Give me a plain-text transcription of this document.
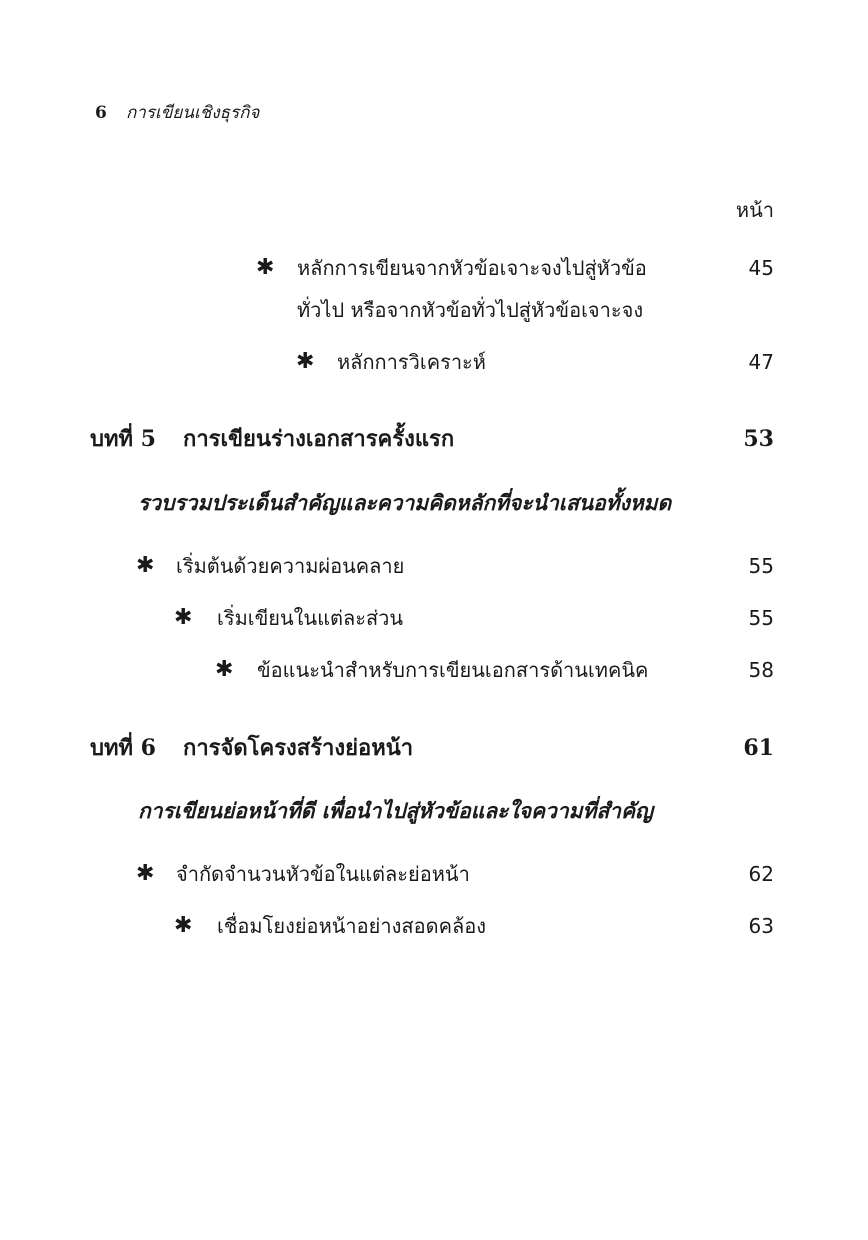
6 การเขียนเชิงธุรกิจ
หน้า
✱ หลักการเขียนจากหัวข้อเจาะจงไปสู่หัวข้อ	45
ทั่วไป หรือจากหัวข้อทั่วไปสู่หัวข้อเจาะจง
✱ หลักการวิเคราะห์	47
บทที่ 5 การเขียนร่างเอกสารครั้งแรก	53
รวบรวมประเด็นสำคัญและความคิดหลักที่จะนำเสนอทั้งหมด
✱ เริ่มต้นด้วยความผ่อนคลาย	55
✱ เริ่มเขียนในแต่ละส่วน	55
✱ ข้อแนะนำสำหรับการเขียนเอกสารด้านเทคนิค	58
บทที่ 6 การจัดโครงสร้างย่อหน้า	61
การเขียนย่อหน้าที่ดี เพื่อนำไปสู่หัวข้อและใจความที่สำคัญ
✱ จำกัดจำนวนหัวข้อในแต่ละย่อหน้า	62
✱ เชื่อมโยงย่อหน้าอย่างสอดคล้อง	63
